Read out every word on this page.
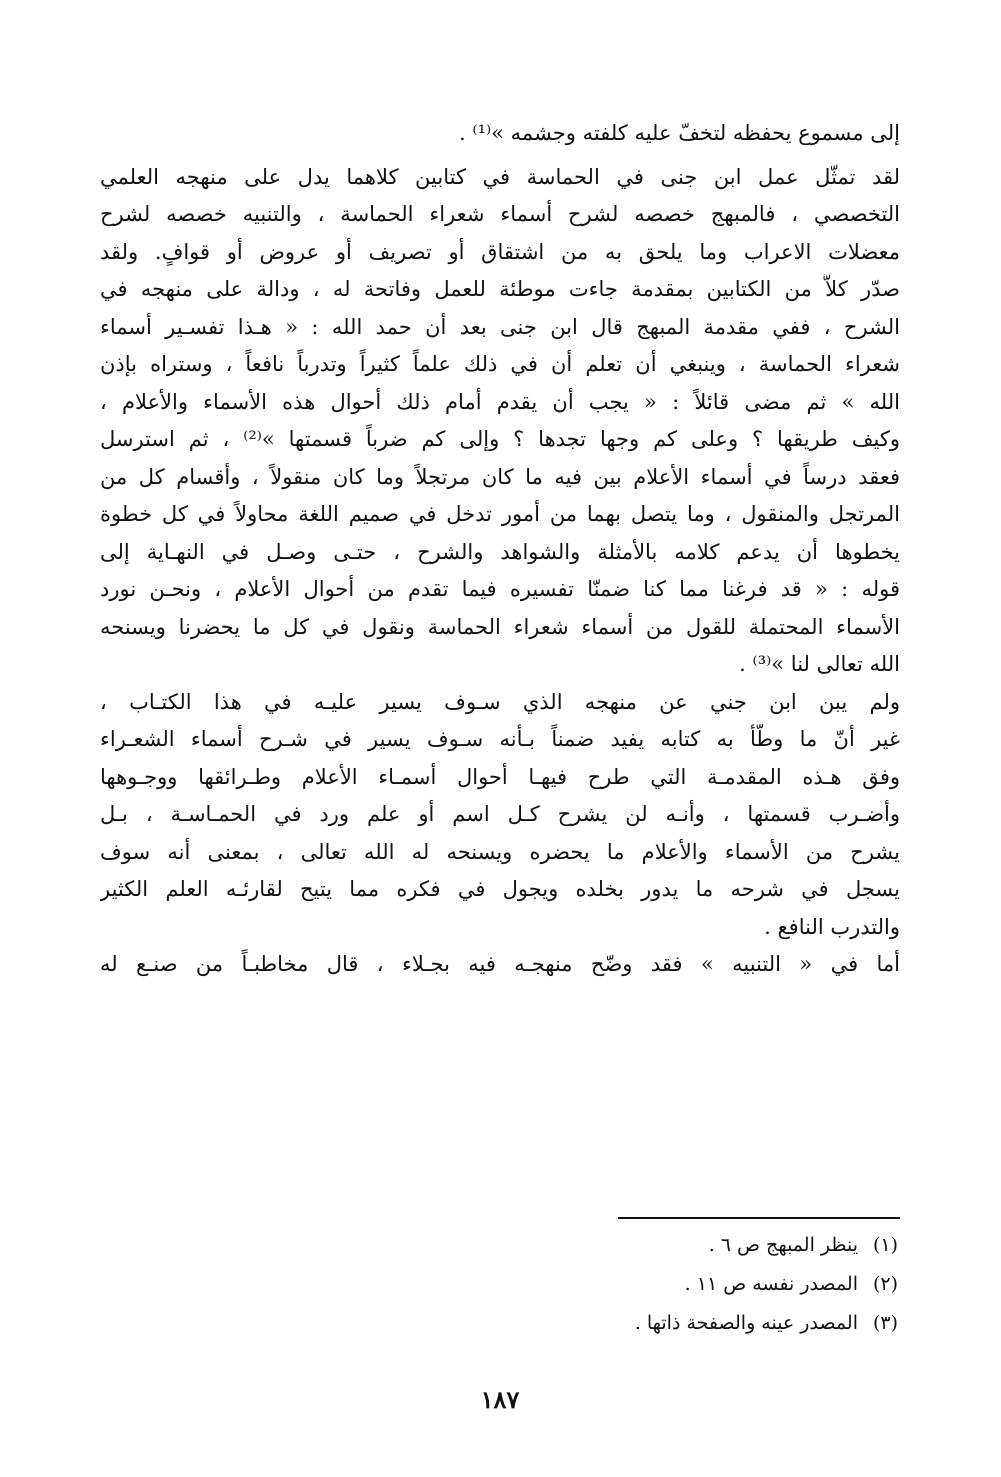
إلى مسموع يحفظه لتخفّ عليه كلفته وجشمه »⁽¹⁾ .
لقد تمثّل عمل ابن جنى في الحماسة في كتابين كلاهما يدل على منهجه العلمي
التخصصي ، فالمبهج خصصه لشرح أسماء شعراء الحماسة ، والتنبيه خصصه لشرح
معضلات الاعراب وما يلحق به من اشتقاق أو تصريف أو عروض أو قوافٍ. ولقد
صدّر كلاًّ من الكتابين بمقدمة جاءت موطئة للعمل وفاتحة له ، ودالة على منهجه في
الشرح ، ففي مقدمة المبهج قال ابن جنى بعد أن حمد الله : « هـذا تفسـير أسماء
شعراء الحماسة ، وينبغي أن تعلم أن في ذلك علماً كثيراً وتدرباً نافعاً ، وستراه بإذن
الله » ثم مضى قائلاً : « يجب أن يقدم أمام ذلك أحوال هذه الأسماء والأعلام ،
وكيف طريقها ؟ وعلى كم وجها تجدها ؟ وإلى كم ضرباً قسمتها »⁽²⁾ ، ثم استرسل
فعقد درساً في أسماء الأعلام بين فيه ما كان مرتجلاً وما كان منقولاً ، وأقسام كل من
المرتجل والمنقول ، وما يتصل بهما من أمور تدخل في صميم اللغة محاولاً في كل خطوة
يخطوها أن يدعم كلامه بالأمثلة والشواهد والشرح ، حتـى وصـل في النهـاية إلى
قوله : « قد فرغنا مما كنا ضمنّا تفسيره فيما تقدم من أحوال الأعلام ، ونحـن نورد
الأسماء المحتملة للقول من أسماء شعراء الحماسة ونقول في كل ما يحضرنا ويسنحه
الله تعالى لنا »⁽³⁾ .
ولم يبن ابن جني عن منهجه الذي سـوف يسير عليـه في هذا الكتـاب ،
غير أنّ ما وطّأ به كتابه يفيد ضمناً بـأنه سـوف يسير في شـرح أسماء الشعـراء
وفق هـذه المقدمـة التي طرح فيهـا أحوال أسمـاء الأعلام وطـرائقها ووجـوهها
وأضـرب قسمتها ، وأنـه لن يشرح كـل اسم أو علم ورد في الحمـاسـة ، بـل
يشرح من الأسماء والأعلام ما يحضره ويسنحه له الله تعالى ، بمعنى أنه سوف
يسجل في شرحه ما يدور بخلده ويجول في فكره مما يتيح لقارئـه العلم الكثير
والتدرب النافع .
أما في « التنبيه » فقد وضّح منهجـه فيه بجـلاء ، قال مخاطبـاً من صنـع له
(١)
ينظر المبهج ص ٦ .
(٢)
المصدر نفسه ص ١١ .
(٣)
المصدر عينه والصفحة ذاتها .
١٨٧
